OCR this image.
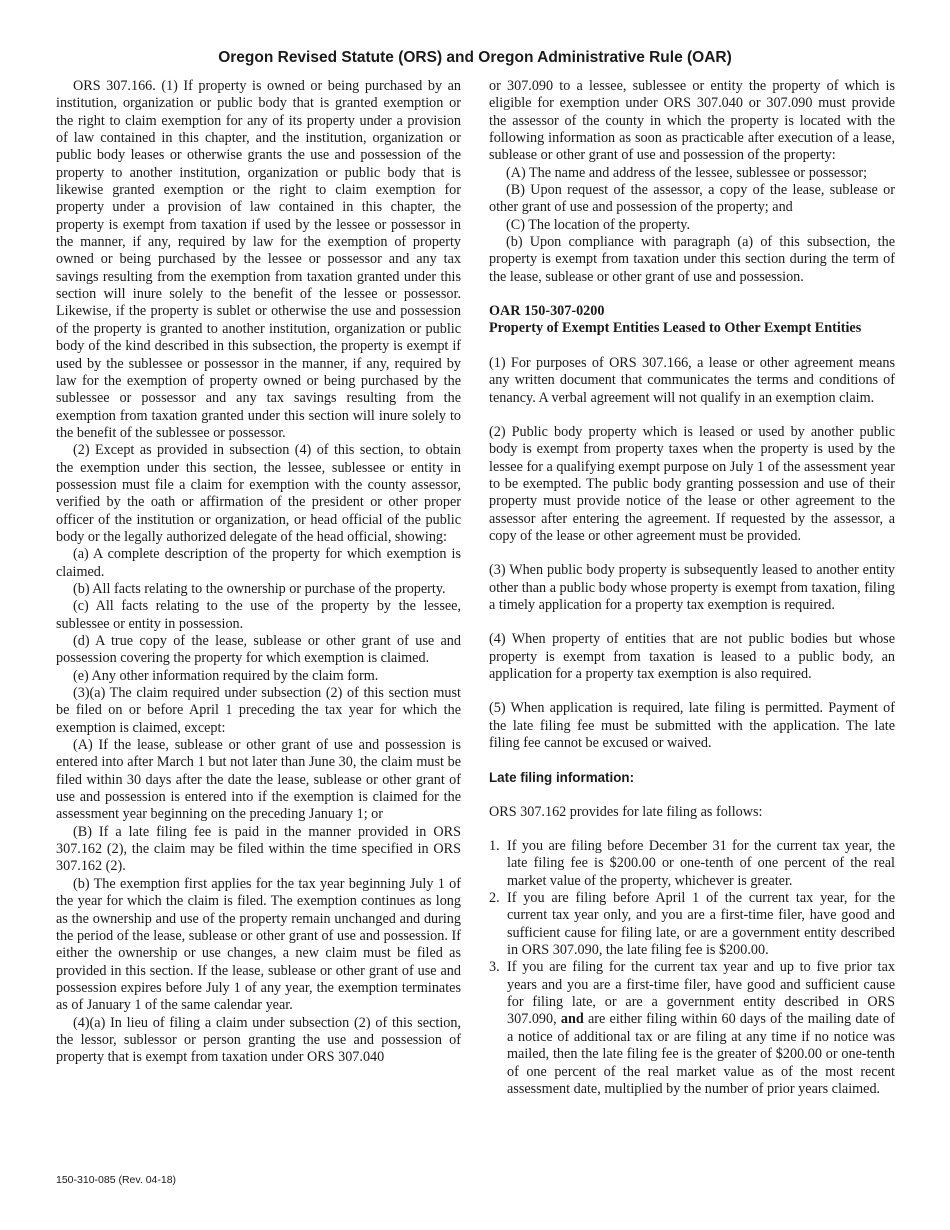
Oregon Revised Statute (ORS) and Oregon Administrative Rule (OAR)

ORS 307.166. (1) If property is owned or being purchased by an institution, organization or public body that is granted exemption or the right to claim exemption for any of its property under a provision of law contained in this chapter, and the institution, organization or public body leases or otherwise grants the use and possession of the property to another institution, organization or public body that is likewise granted exemption or the right to claim exemption for property under a provision of law contained in this chapter, the property is exempt from taxation if used by the lessee or possessor in the manner, if any, required by law for the exemption of property owned or being purchased by the lessee or possessor and any tax savings resulting from the exemption from taxation granted under this section will inure solely to the benefit of the lessee or possessor. Likewise, if the property is sublet or otherwise the use and possession of the property is granted to another institution, organization or public body of the kind described in this subsection, the property is exempt if used by the sublessee or possessor in the manner, if any, required by law for the exemption of property owned or being purchased by the sublessee or possessor and any tax savings resulting from the exemption from taxation granted under this section will inure solely to the benefit of the sublessee or possessor.

(2) Except as provided in subsection (4) of this section, to obtain the exemption under this section, the lessee, sublessee or entity in possession must file a claim for exemption with the county assessor, verified by the oath or affirmation of the president or other proper officer of the institution or organization, or head official of the public body or the legally authorized delegate of the head official, showing:

(a) A complete description of the property for which exemption is claimed.

(b) All facts relating to the ownership or purchase of the property.

(c) All facts relating to the use of the property by the lessee, sublessee or entity in possession.

(d) A true copy of the lease, sublease or other grant of use and possession covering the property for which exemption is claimed.

(e) Any other information required by the claim form.

(3)(a) The claim required under subsection (2) of this section must be filed on or before April 1 preceding the tax year for which the exemption is claimed, except:

(A) If the lease, sublease or other grant of use and possession is entered into after March 1 but not later than June 30, the claim must be filed within 30 days after the date the lease, sublease or other grant of use and possession is entered into if the exemption is claimed for the assessment year beginning on the preceding January 1; or

(B) If a late filing fee is paid in the manner provided in ORS 307.162 (2), the claim may be filed within the time specified in ORS 307.162 (2).

(b) The exemption first applies for the tax year beginning July 1 of the year for which the claim is filed. The exemption continues as long as the ownership and use of the property remain unchanged and during the period of the lease, sublease or other grant of use and possession. If either the ownership or use changes, a new claim must be filed as provided in this section. If the lease, sublease or other grant of use and possession expires before July 1 of any year, the exemption terminates as of January 1 of the same calendar year.

(4)(a) In lieu of filing a claim under subsection (2) of this section, the lessor, sublessor or person granting the use and possession of property that is exempt from taxation under ORS 307.040

or 307.090 to a lessee, sublessee or entity the property of which is eligible for exemption under ORS 307.040 or 307.090 must provide the assessor of the county in which the property is located with the following information as soon as practicable after execution of a lease, sublease or other grant of use and possession of the property:

(A) The name and address of the lessee, sublessee or possessor;

(B) Upon request of the assessor, a copy of the lease, sublease or other grant of use and possession of the property; and

(C) The location of the property.

(b) Upon compliance with paragraph (a) of this subsection, the property is exempt from taxation under this section during the term of the lease, sublease or other grant of use and possession.

OAR 150-307-0200

Property of Exempt Entities Leased to Other Exempt Entities

(1) For purposes of ORS 307.166, a lease or other agreement means any written document that communicates the terms and conditions of tenancy. A verbal agreement will not qualify in an exemption claim.

(2) Public body property which is leased or used by another public body is exempt from property taxes when the property is used by the lessee for a qualifying exempt purpose on July 1 of the assessment year to be exempted. The public body granting possession and use of their property must provide notice of the lease or other agreement to the assessor after entering the agreement. If requested by the assessor, a copy of the lease or other agreement must be provided.

(3) When public body property is subsequently leased to another entity other than a public body whose property is exempt from taxation, filing a timely application for a property tax exemption is required.

(4) When property of entities that are not public bodies but whose property is exempt from taxation is leased to a public body, an application for a property tax exemption is also required.

(5) When application is required, late filing is permitted. Payment of the late filing fee must be submitted with the application. The late filing fee cannot be excused or waived.

Late filing information:

ORS 307.162 provides for late filing as follows:

1. If you are filing before December 31 for the current tax year, the late filing fee is $200.00 or one-tenth of one percent of the real market value of the property, whichever is greater.
2. If you are filing before April 1 of the current tax year, for the current tax year only, and you are a first-time filer, have good and sufficient cause for filing late, or are a government entity described in ORS 307.090, the late filing fee is $200.00.
3. If you are filing for the current tax year and up to five prior tax years and you are a first-time filer, have good and sufficient cause for filing late, or are a government entity described in ORS 307.090, and are either filing within 60 days of the mailing date of a notice of additional tax or are filing at any time if no notice was mailed, then the late filing fee is the greater of $200.00 or one-tenth of one percent of the real market value as of the most recent assessment date, multiplied by the number of prior years claimed.
150-310-085 (Rev. 04-18)
